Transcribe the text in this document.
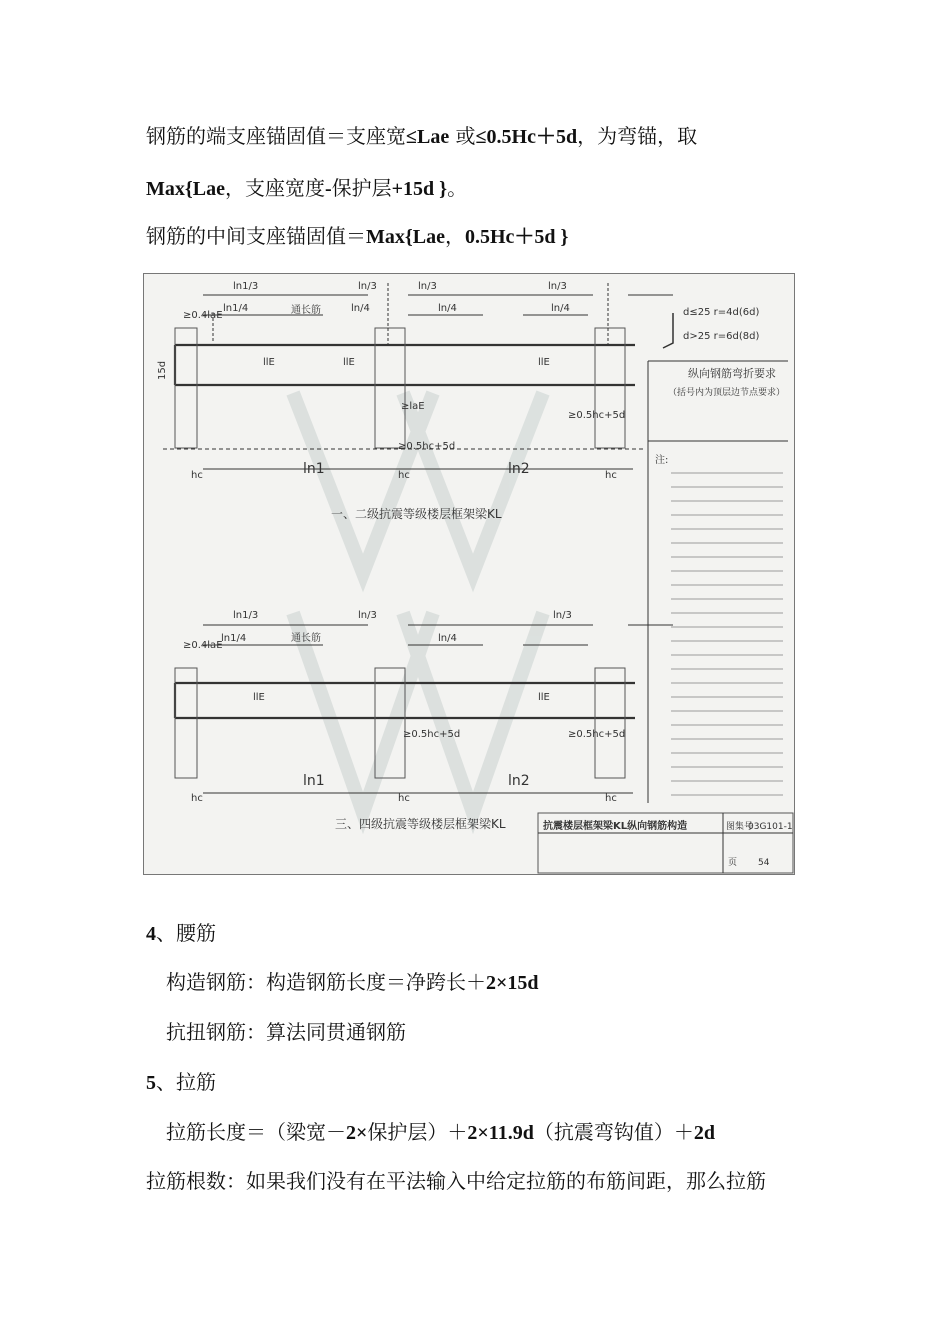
钢筋的端支座锚固值＝支座宽≤Lae 或≤0.5Hc＋5d，为弯锚，取
Max{Lae，支座宽度-保护层+15d }。
钢筋的中间支座锚固值＝Max{Lae，0.5Hc＋5d }
ln1/3	ln/3	ln/3	ln/3
ln1/4	ln/4	ln/4	ln/4
通长筋
≥0.4laE
15d	llE	llE	llE
≥laE
≥0.5hc+5d
≥0.5hc+5d
hc	hc	hc
ln1	ln2
ln1/3	ln/3	ln/3
ln1/4	ln/4
通长筋
≥0.4laE
llE	llE
≥0.5hc+5d	≥0.5hc+5d
hc	hc	hc
ln1	ln2
一、二级抗震等级楼层框架梁KL
三、四级抗震等级楼层框架梁KL
d≤25 r=4d(6d)
d>25 r=6d(8d)
纵向钢筋弯折要求
（括号内为顶层边节点要求）
注:
抗震楼层框架梁KL纵向钢筋构造	图集号
03G101-1
页 54
4、腰筋
构造钢筋：构造钢筋长度＝净跨长＋2×15d
抗扭钢筋：算法同贯通钢筋
5、拉筋
拉筋长度＝（梁宽－2×保护层）＋2×11.9d（抗震弯钩值）＋2d
拉筋根数：如果我们没有在平法输入中给定拉筋的布筋间距，那么拉筋
